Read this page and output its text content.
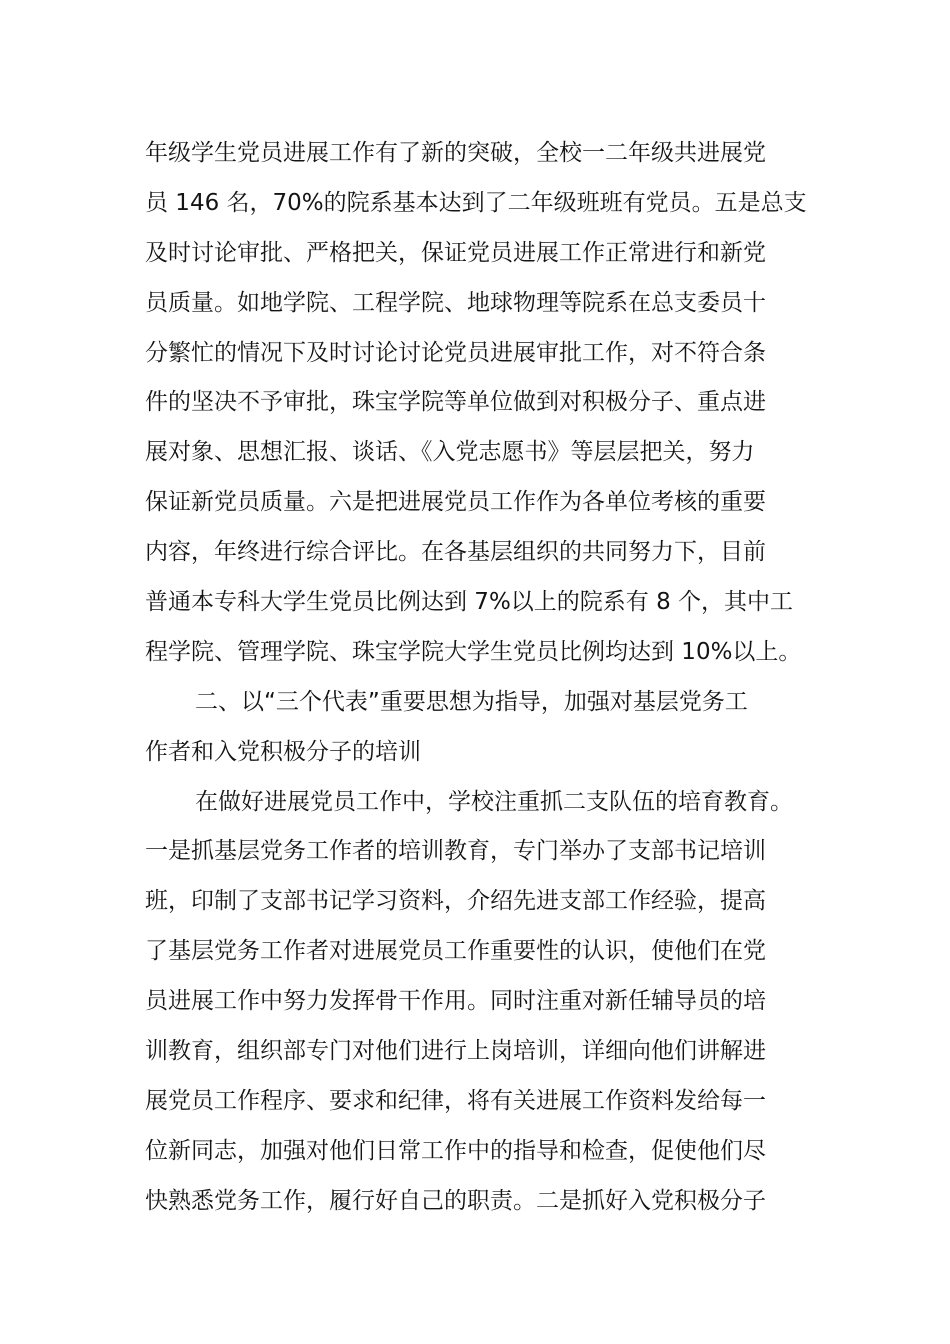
年级学生党员进展工作有了新的突破，全校一二年级共进展党
员 146 名，70%的院系基本达到了二年级班班有党员。五是总支
及时讨论审批、严格把关，保证党员进展工作正常进行和新党
员质量。如地学院、工程学院、地球物理等院系在总支委员十
分繁忙的情况下及时讨论讨论党员进展审批工作，对不符合条
件的坚决不予审批，珠宝学院等单位做到对积极分子、重点进
展对象、思想汇报、谈话、《入党志愿书》等层层把关，努力
保证新党员质量。六是把进展党员工作作为各单位考核的重要
内容，年终进行综合评比。在各基层组织的共同努力下，目前
普通本专科大学生党员比例达到 7%以上的院系有 8 个，其中工
程学院、管理学院、珠宝学院大学生党员比例均达到 10%以上。
二、以“三个代表”重要思想为指导，加强对基层党务工
作者和入党积极分子的培训
在做好进展党员工作中，学校注重抓二支队伍的培育教育。
一是抓基层党务工作者的培训教育，专门举办了支部书记培训
班，印制了支部书记学习资料，介绍先进支部工作经验，提高
了基层党务工作者对进展党员工作重要性的认识，使他们在党
员进展工作中努力发挥骨干作用。同时注重对新任辅导员的培
训教育，组织部专门对他们进行上岗培训，详细向他们讲解进
展党员工作程序、要求和纪律，将有关进展工作资料发给每一
位新同志，加强对他们日常工作中的指导和检查，促使他们尽
快熟悉党务工作，履行好自己的职责。二是抓好入党积极分子
